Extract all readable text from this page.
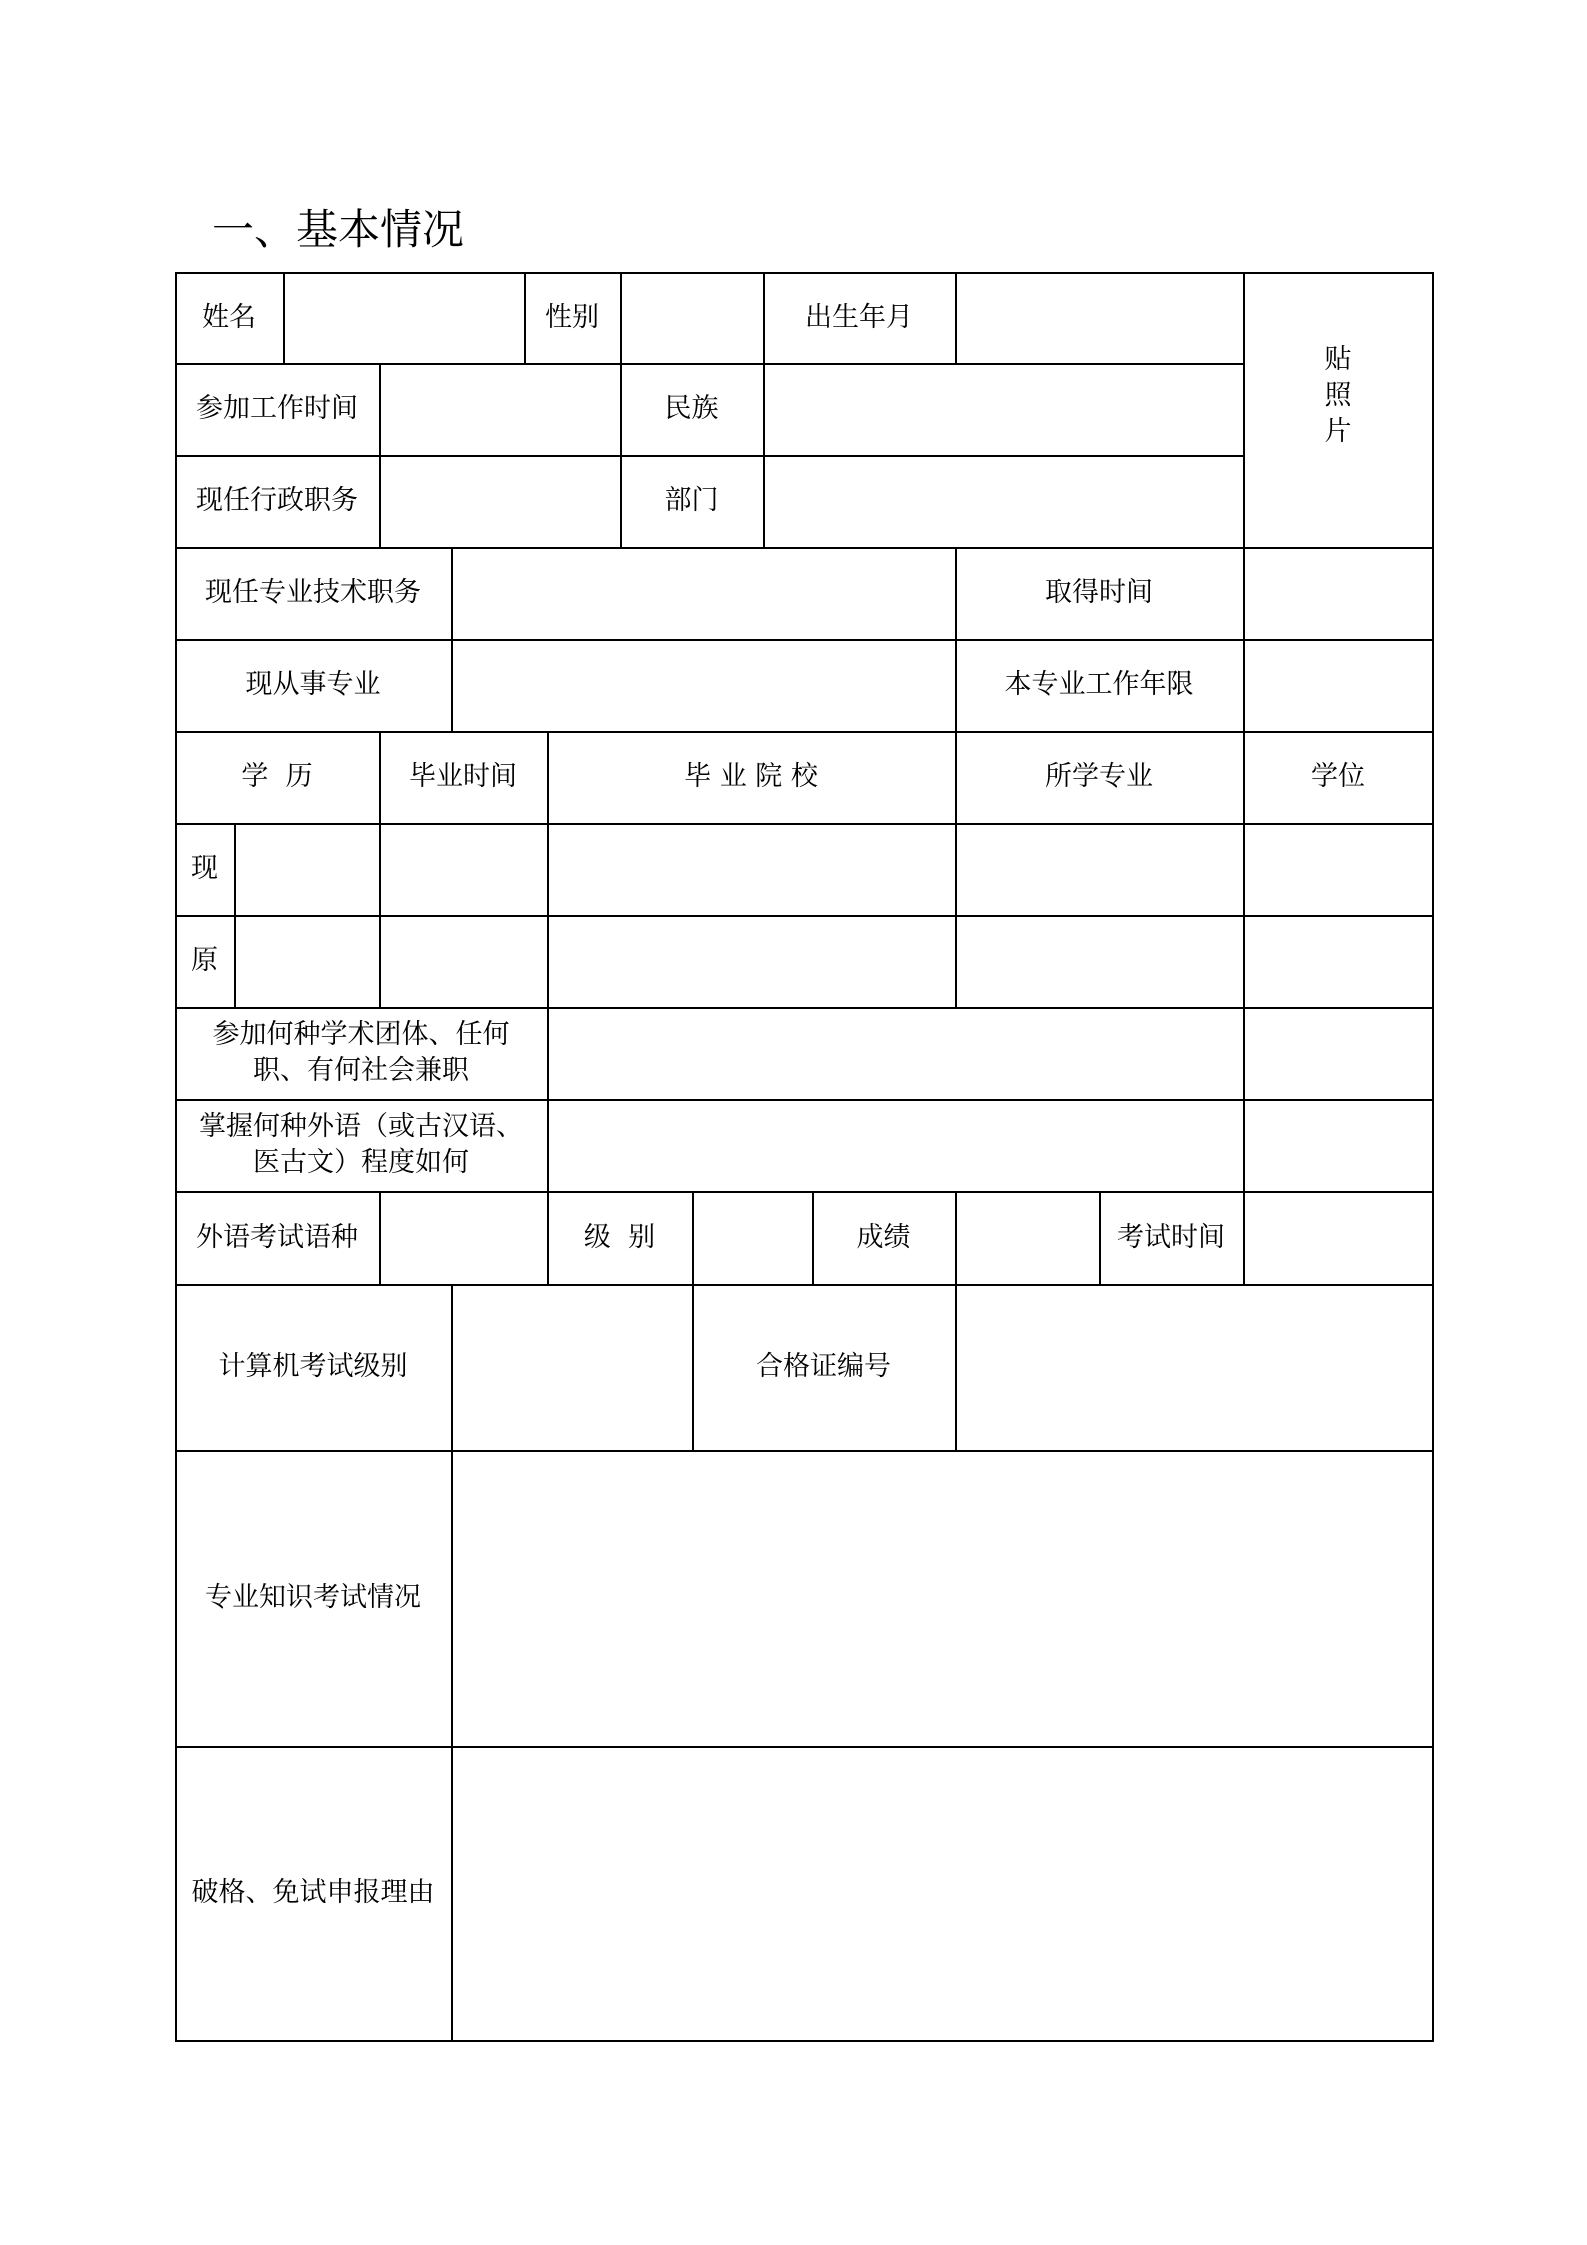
一、基本情况
姓名	性别	出生年月
贴
照
片
参加工作时间	民族
现任行政职务	部门
现任专业技术职务	取得时间
现从事专业	本专业工作年限
学  历	毕业时间	毕 业 院 校	所学专业	学位
现
原
参加何种学术团体、任何
职、有何社会兼职
掌握何种外语（或古汉语、
医古文）程度如何
外语考试语种	级  别	成绩	考试时间
计算机考试级别	合格证编号
专业知识考试情况
破格、免试申报理由
